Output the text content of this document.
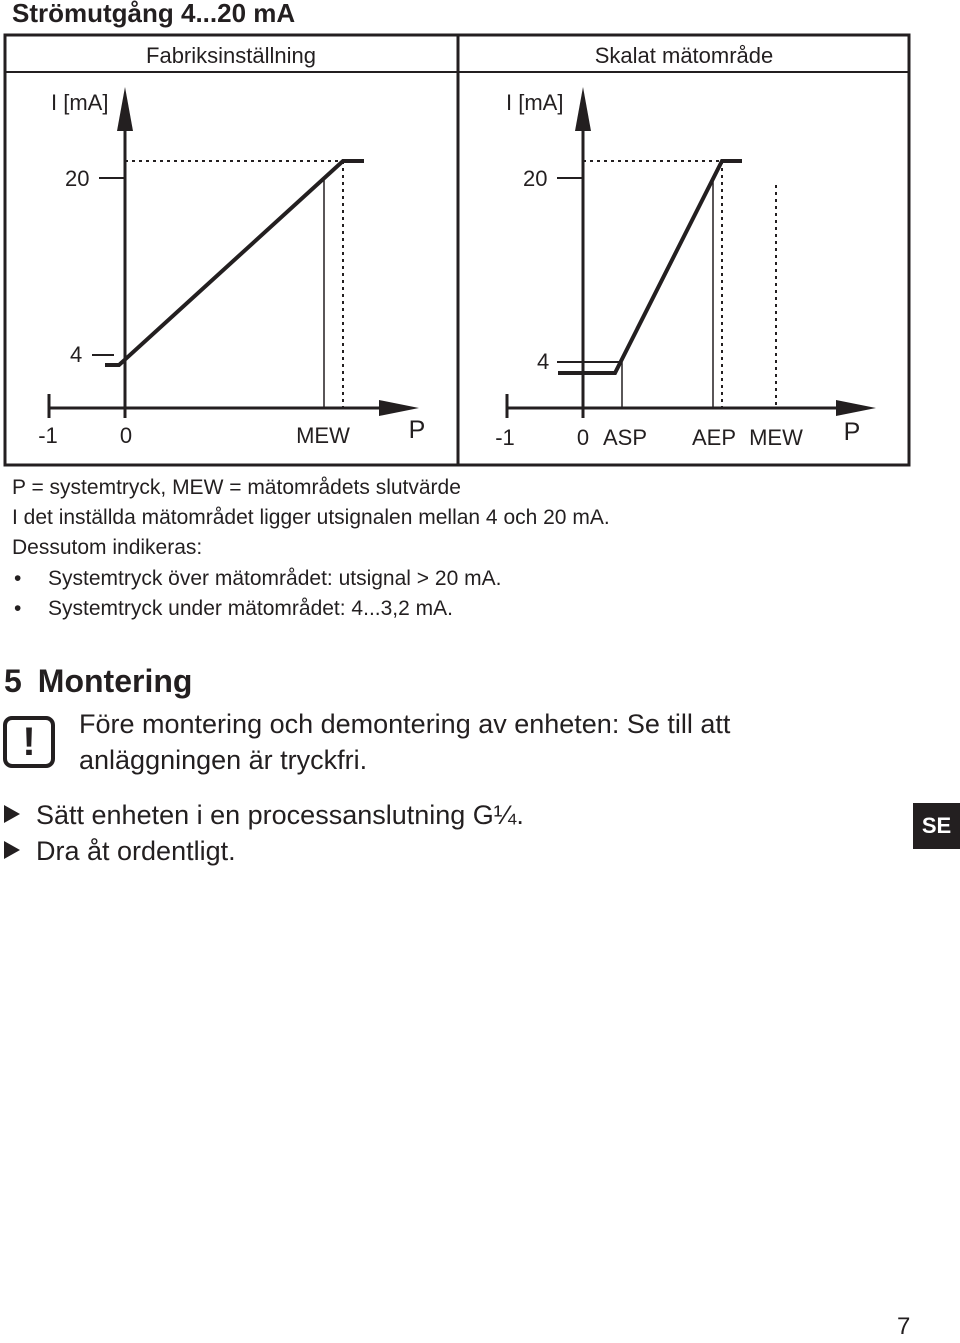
Strömutgång 4...20 mA
Fabriksinställning
I [mA]
20
4
-1	0	MEW P
Skalat mätområde
I [mA]
20
4
-1	0 ASP AEP MEW P
P = systemtryck, MEW = mätområdets slutvärde
I det inställda mätområdet ligger utsignalen mellan 4 och 20 mA.
Dessutom indikeras:
• Systemtryck över mätområdet: utsignal > 20 mA.
• Systemtryck under mätområdet: 4...3,2 mA.
5 Montering
!	Före montering och demontering av enheten: Se till att anläggningen är tryckfri.
Sätt enheten i en processanslutning G¼.
Dra åt ordentligt.
SE
7
